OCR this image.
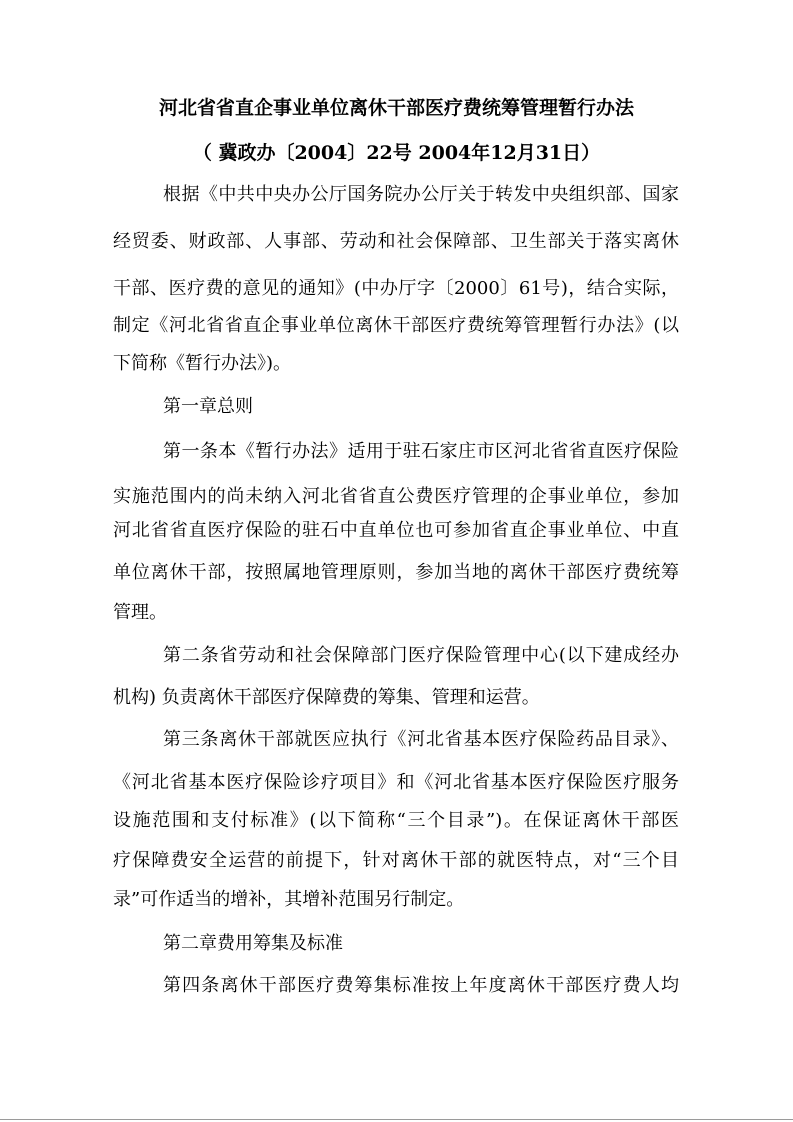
河北省省直企事业单位离休干部医疗费统筹管理暂行办法
（ 冀政办〔2004〕22号 2004年12月31日）
根据《中共中央办公厅国务院办公厅关于转发中央组织部、国家
经贸委、财政部、人事部、劳动和社会保障部、卫生部关于落实离休
干部、医疗费的意见的通知》(中办厅字〔2000〕61号)，结合实际，
制定《河北省省直企事业单位离休干部医疗费统筹管理暂行办法》(以
下简称《暂行办法》)。
第一章总则
第一条本《暂行办法》适用于驻石家庄市区河北省省直医疗保险
实施范围内的尚未纳入河北省省直公费医疗管理的企事业单位，参加
河北省省直医疗保险的驻石中直单位也可参加省直企事业单位、中直
单位离休干部，按照属地管理原则，参加当地的离休干部医疗费统筹
管理。
第二条省劳动和社会保障部门医疗保险管理中心(以下建成经办
机构) 负责离休干部医疗保障费的筹集、管理和运营。
第三条离休干部就医应执行《河北省基本医疗保险药品目录》、
《河北省基本医疗保险诊疗项目》和《河北省基本医疗保险医疗服务
设施范围和支付标准》(以下简称“三个目录”)。在保证离休干部医
疗保障费安全运营的前提下，针对离休干部的就医特点，对“三个目
录”可作适当的增补，其增补范围另行制定。
第二章费用筹集及标准
第四条离休干部医疗费筹集标准按上年度离休干部医疗费人均
